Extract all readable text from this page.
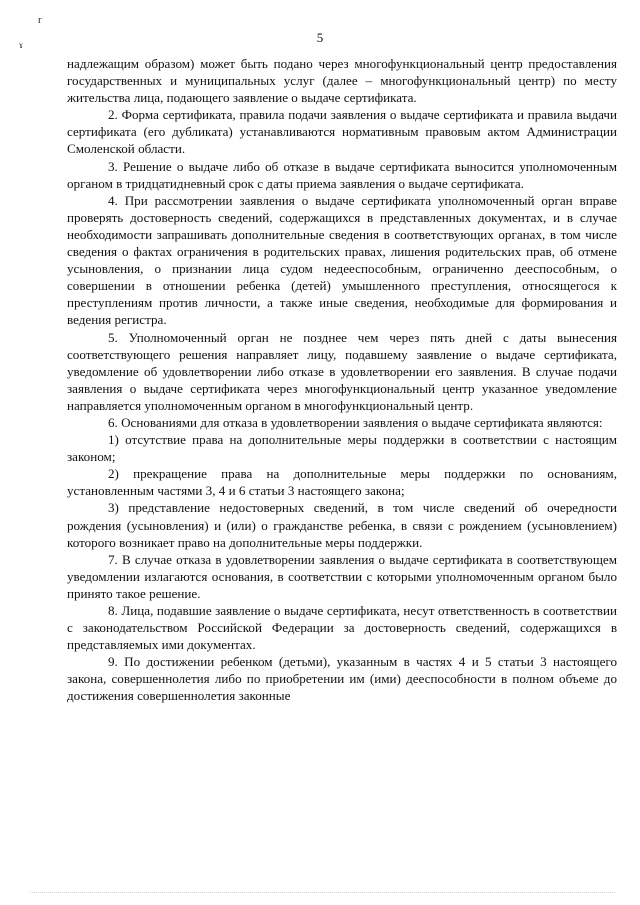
r
ɤ	5

надлежащим образом) может быть подано через многофункциональный центр предоставления государственных и муниципальных услуг (далее – многофункциональный центр) по месту жительства лица, подающего заявление о выдаче сертификата.

2. Форма сертификата, правила подачи заявления о выдаче сертификата и правила выдачи сертификата (его дубликата) устанавливаются нормативным правовым актом Администрации Смоленской области.

3. Решение о выдаче либо об отказе в выдаче сертификата выносится уполномоченным органом в тридцатидневный срок с даты приема заявления о выдаче сертификата.

4. При рассмотрении заявления о выдаче сертификата уполномоченный орган вправе проверять достоверность сведений, содержащихся в представленных документах, и в случае необходимости запрашивать дополнительные сведения в соответствующих органах, в том числе сведения о фактах ограничения в родительских правах, лишения родительских прав, об отмене усыновления, о признании лица судом недееспособным, ограниченно дееспособным, о совершении в отношении ребенка (детей) умышленного преступления, относящегося к преступлениям против личности, а также иные сведения, необходимые для формирования и ведения регистра.

5. Уполномоченный орган не позднее чем через пять дней с даты вынесения соответствующего решения направляет лицу, подавшему заявление о выдаче сертификата, уведомление об удовлетворении либо отказе в удовлетворении его заявления. В случае подачи заявления о выдаче сертификата через многофункциональный центр указанное уведомление направляется уполномоченным органом в многофункциональный центр.

6. Основаниями для отказа в удовлетворении заявления о выдаче сертификата являются:

1) отсутствие права на дополнительные меры поддержки в соответствии с настоящим законом;

2) прекращение права на дополнительные меры поддержки по основаниям, установленным частями 3, 4 и 6 статьи 3 настоящего закона;

3) представление недостоверных сведений, в том числе сведений об очередности рождения (усыновления) и (или) о гражданстве ребенка, в связи с рождением (усыновлением) которого возникает право на дополнительные меры поддержки.

7. В случае отказа в удовлетворении заявления о выдаче сертификата в соответствующем уведомлении излагаются основания, в соответствии с которыми уполномоченным органом было принято такое решение.

8. Лица, подавшие заявление о выдаче сертификата, несут ответственность в соответствии с законодательством Российской Федерации за достоверность сведений, содержащихся в представляемых ими документах.

9. По достижении ребенком (детьми), указанным в частях 4 и 5 статьи 3 настоящего закона, совершеннолетия либо по приобретении им (ими) дееспособности в полном объеме до достижения совершеннолетия законные
